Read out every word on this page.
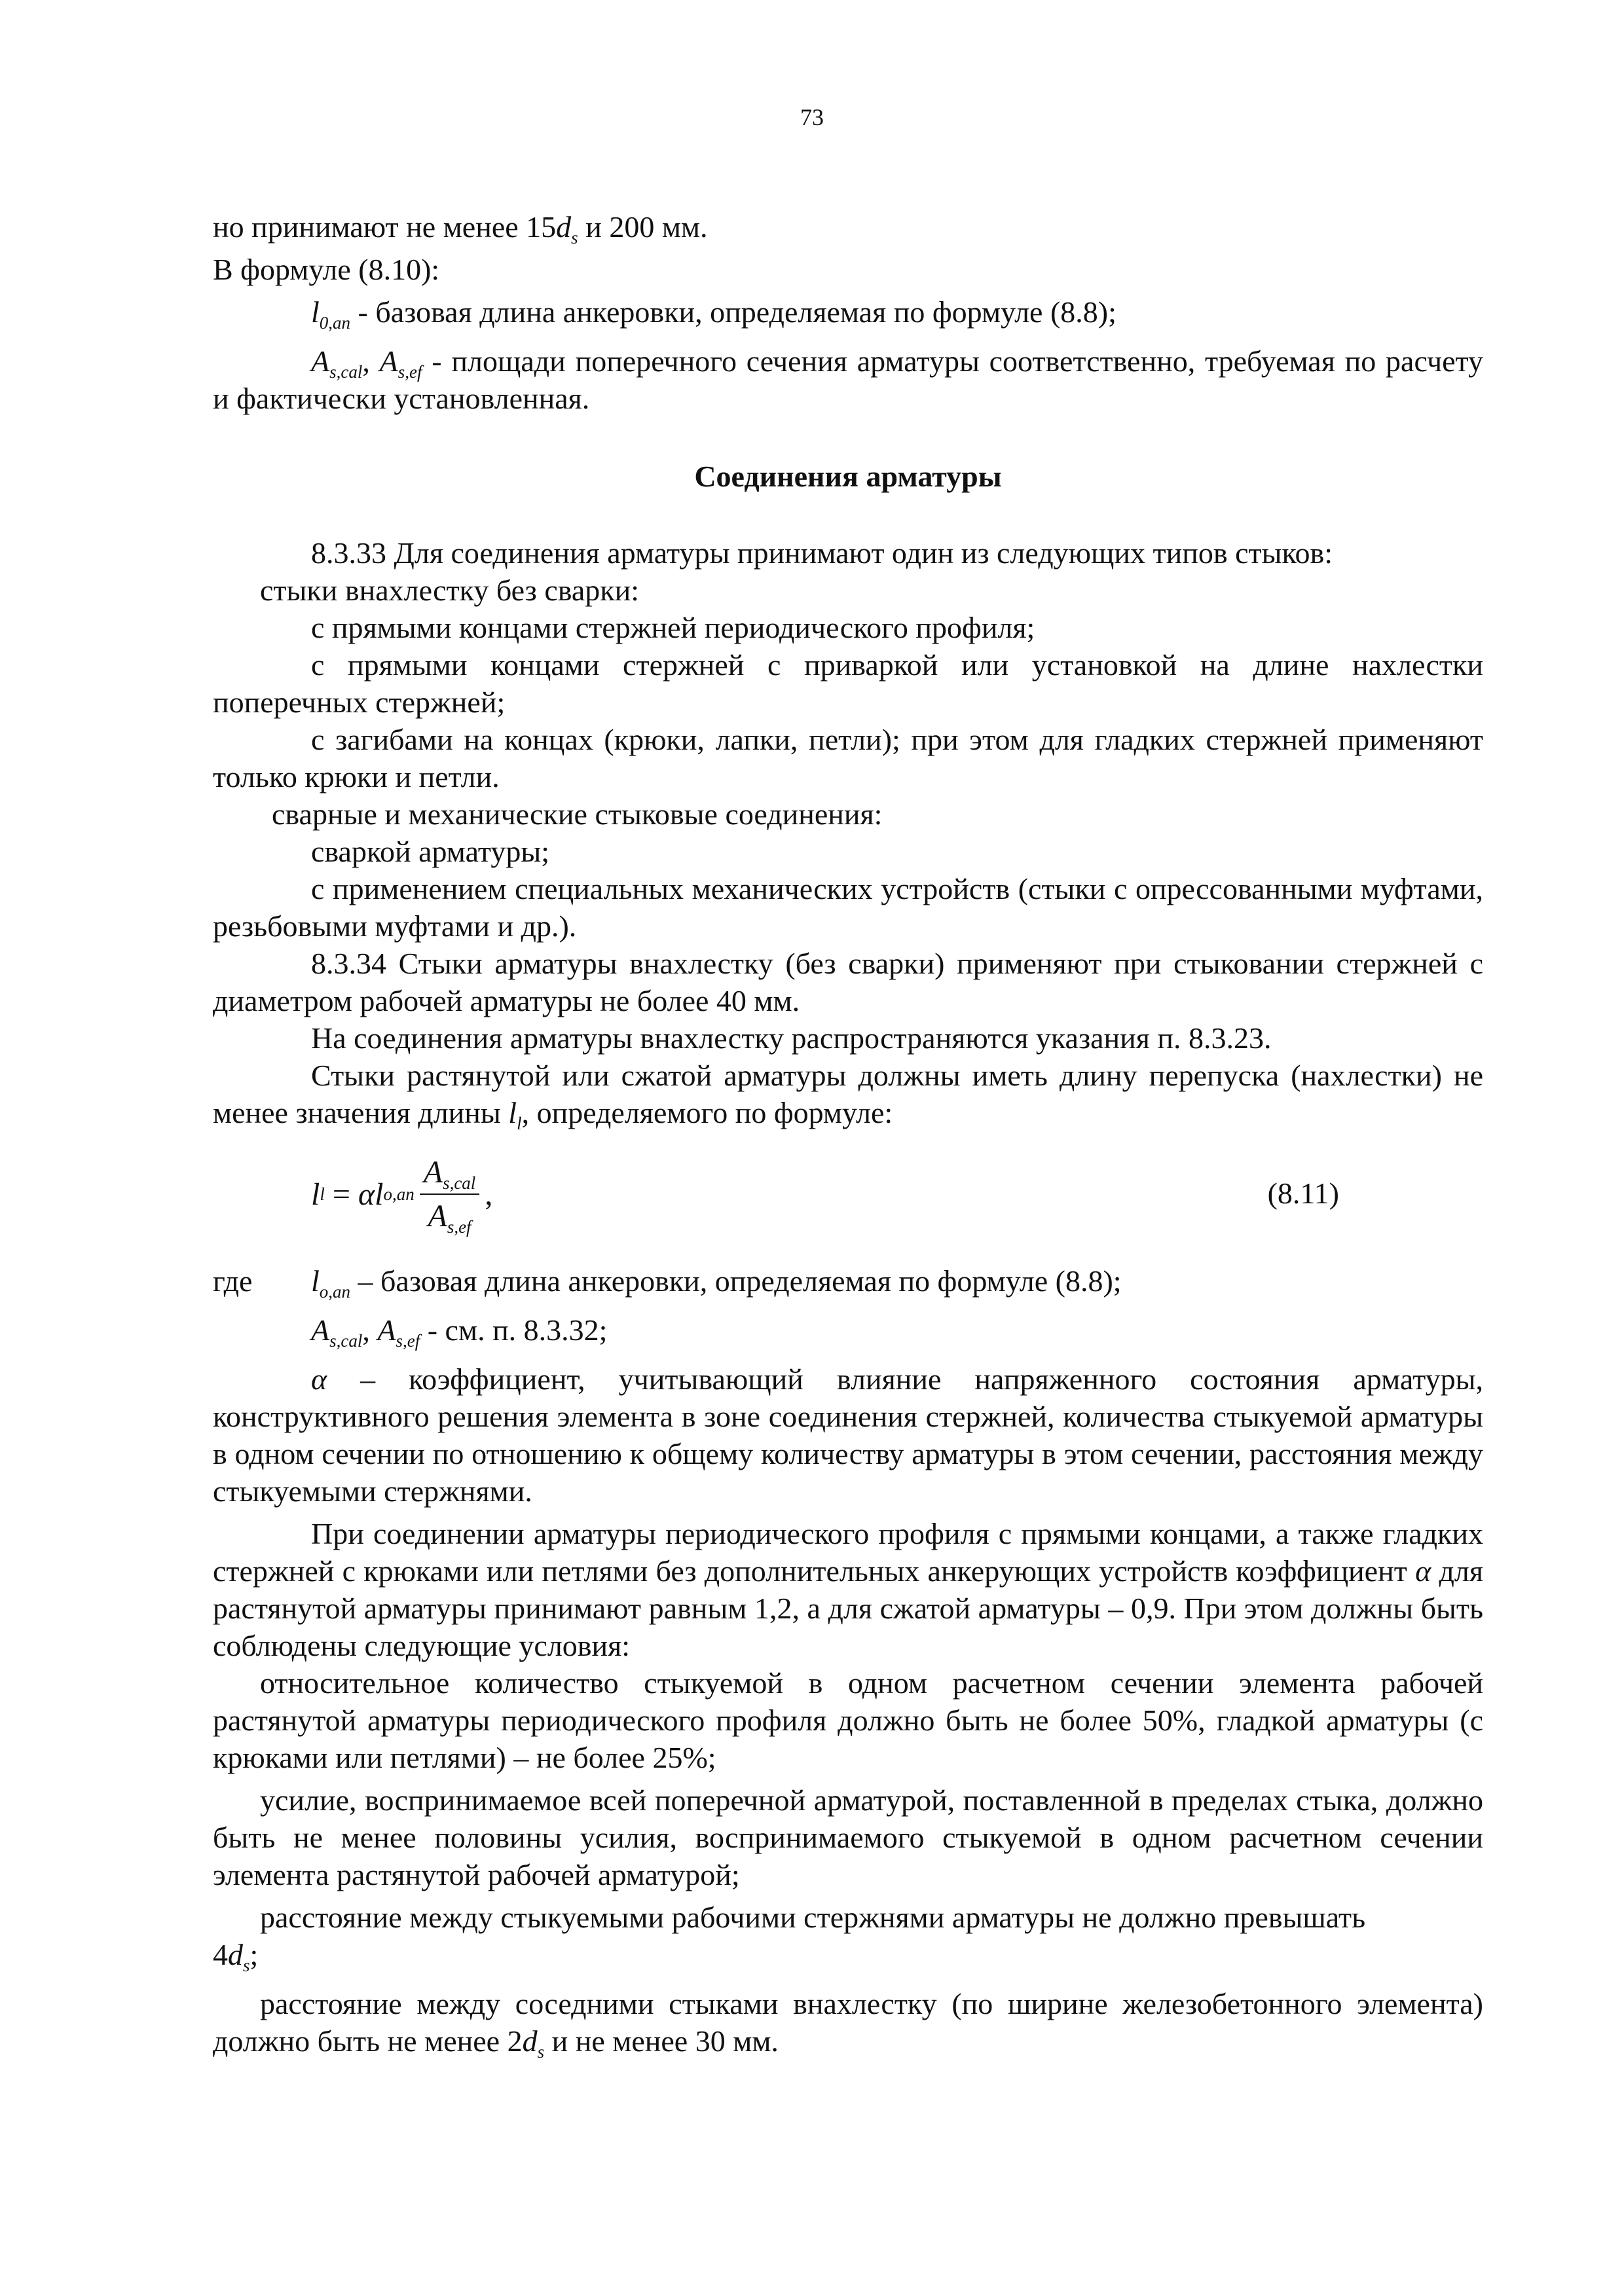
73

но принимают не менее $15d_s$ и 200 мм.

В формуле (8.10):

$l_{0,an}$ - базовая длина анкеровки, определяемая по формуле (8.8);

$A_{s,cal}$, $A_{s,ef}$ - площади поперечного сечения арматуры соответственно, требуемая по расчету и фактически установленная.

Соединения арматуры

8.3.33 Для соединения арматуры принимают один из следующих типов стыков:

стыки внахлестку без сварки:

с прямыми концами стержней периодического профиля;

с прямыми концами стержней с приваркой или установкой на длине нахлестки поперечных стержней;

с загибами на концах (крюки, лапки, петли); при этом для гладких стержней применяют только крюки и петли.

сварные и механические стыковые соединения:

сваркой арматуры;

с применением специальных механических устройств (стыки с опрессованными муфтами, резьбовыми муфтами и др.).

8.3.34 Стыки арматуры внахлестку (без сварки) применяют при стыковании стержней с диаметром рабочей арматуры не более 40 мм.

На соединения арматуры внахлестку распространяются указания п. 8.3.23.

Стыки растянутой или сжатой арматуры должны иметь длину перепуска (нахлестки) не менее значения длины $l_l$, определяемого по формуле:

l l = α l $o,an \frac{A_{s,cal}}{A_{s,ef}}$ ,	(8.11)
где	$l_{o,an}$ – базовая длина анкеровки, определяемая по формуле (8.8);

$A_{s,cal}$, $A_{s,ef}$ - см. п. 8.3.32;

α – коэффициент, учитывающий влияние напряженного состояния арматуры, конструктивного решения элемента в зоне соединения стержней, количества стыкуемой арматуры в одном сечении по отношению к общему количеству арматуры в этом сечении, расстояния между стыкуемыми стержнями.

При соединении арматуры периодического профиля с прямыми концами, а также гладких стержней с крюками или петлями без дополнительных анкерующих устройств коэффициент α для растянутой арматуры принимают равным 1,2, а для сжатой арматуры – 0,9. При этом должны быть соблюдены следующие условия:

относительное количество стыкуемой в одном расчетном сечении элемента рабочей растянутой арматуры периодического профиля должно быть не более 50%, гладкой арматуры (с крюками или петлями) – не более 25%;

усилие, воспринимаемое всей поперечной арматурой, поставленной в пределах стыка, должно быть не менее половины усилия, воспринимаемого стыкуемой в одном расчетном сечении элемента растянутой рабочей арматурой;

расстояние между стыкуемыми рабочими стержнями арматуры не должно превышать
$4d_s$;

расстояние между соседними стыками внахлестку (по ширине железобетонного элемента) должно быть не менее $2d_s$ и не менее 30 мм.
